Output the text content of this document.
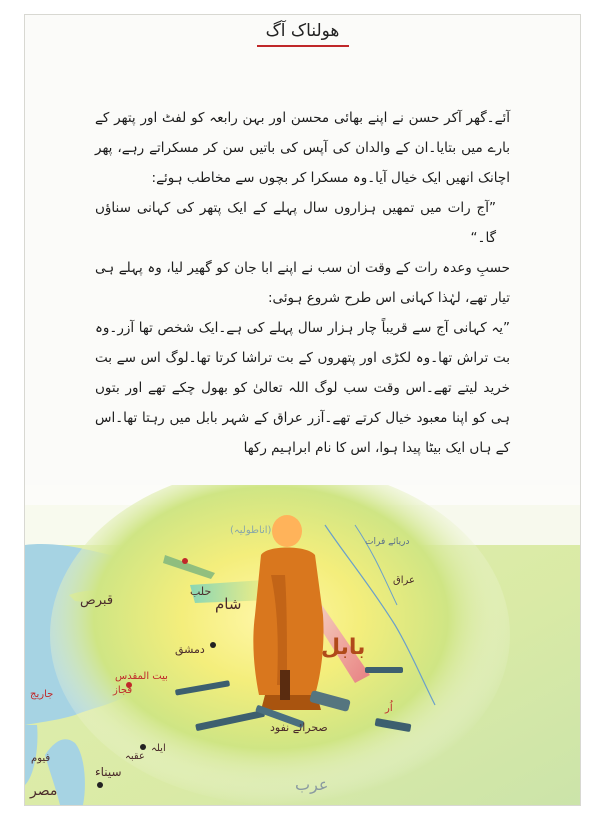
ھولناک آگ

آئے۔گھر آکر حسن نے اپنے بھائی محسن اور بہن رابعہ کو لفٹ اور پتھر کے بارے میں بتایا۔ان کے والدان کی آپس کی باتیں سن کر مسکراتے رہے، پھر اچانک انھیں ایک خیال آیا۔وہ مسکرا کر بچوں سے مخاطب ہوئے:

”آج رات میں تمھیں ہزاروں سال پہلے کے ایک پتھر کی کہانی سناؤں گا۔“

حسبِ وعدہ رات کے وقت ان سب نے اپنے ابا جان کو گھیر لیا، وہ پہلے ہی تیار تھے، لہٰذا کہانی اس طرح شروع ہوئی:

”یہ کہانی آج سے قریباً چار ہزار سال پہلے کی ہے۔ایک شخص تھا آزر۔وہ بت تراش تھا۔وہ لکڑی اور پتھروں کے بت تراشا کرتا تھا۔لوگ اس سے بت خرید لیتے تھے۔اس وقت سب لوگ اللہ تعالیٰ کو بھول چکے تھے اور بتوں ہی کو اپنا معبود خیال کرتے تھے۔آزر عراق کے شہر بابل میں رہتا تھا۔اس کے ہاں ایک بیٹا پیدا ہوا، اس کا نام ابراہیم رکھا

(اناطولیہ)
حلب
شام
دمشق
قبرص
بیت المقدس
فجاز
جاریج
عقبہ
ایلہ
سیناء
فیوم
مصر
بابل
صحرائے نفود
دریائے فرات
عراق
اُر
عرب
